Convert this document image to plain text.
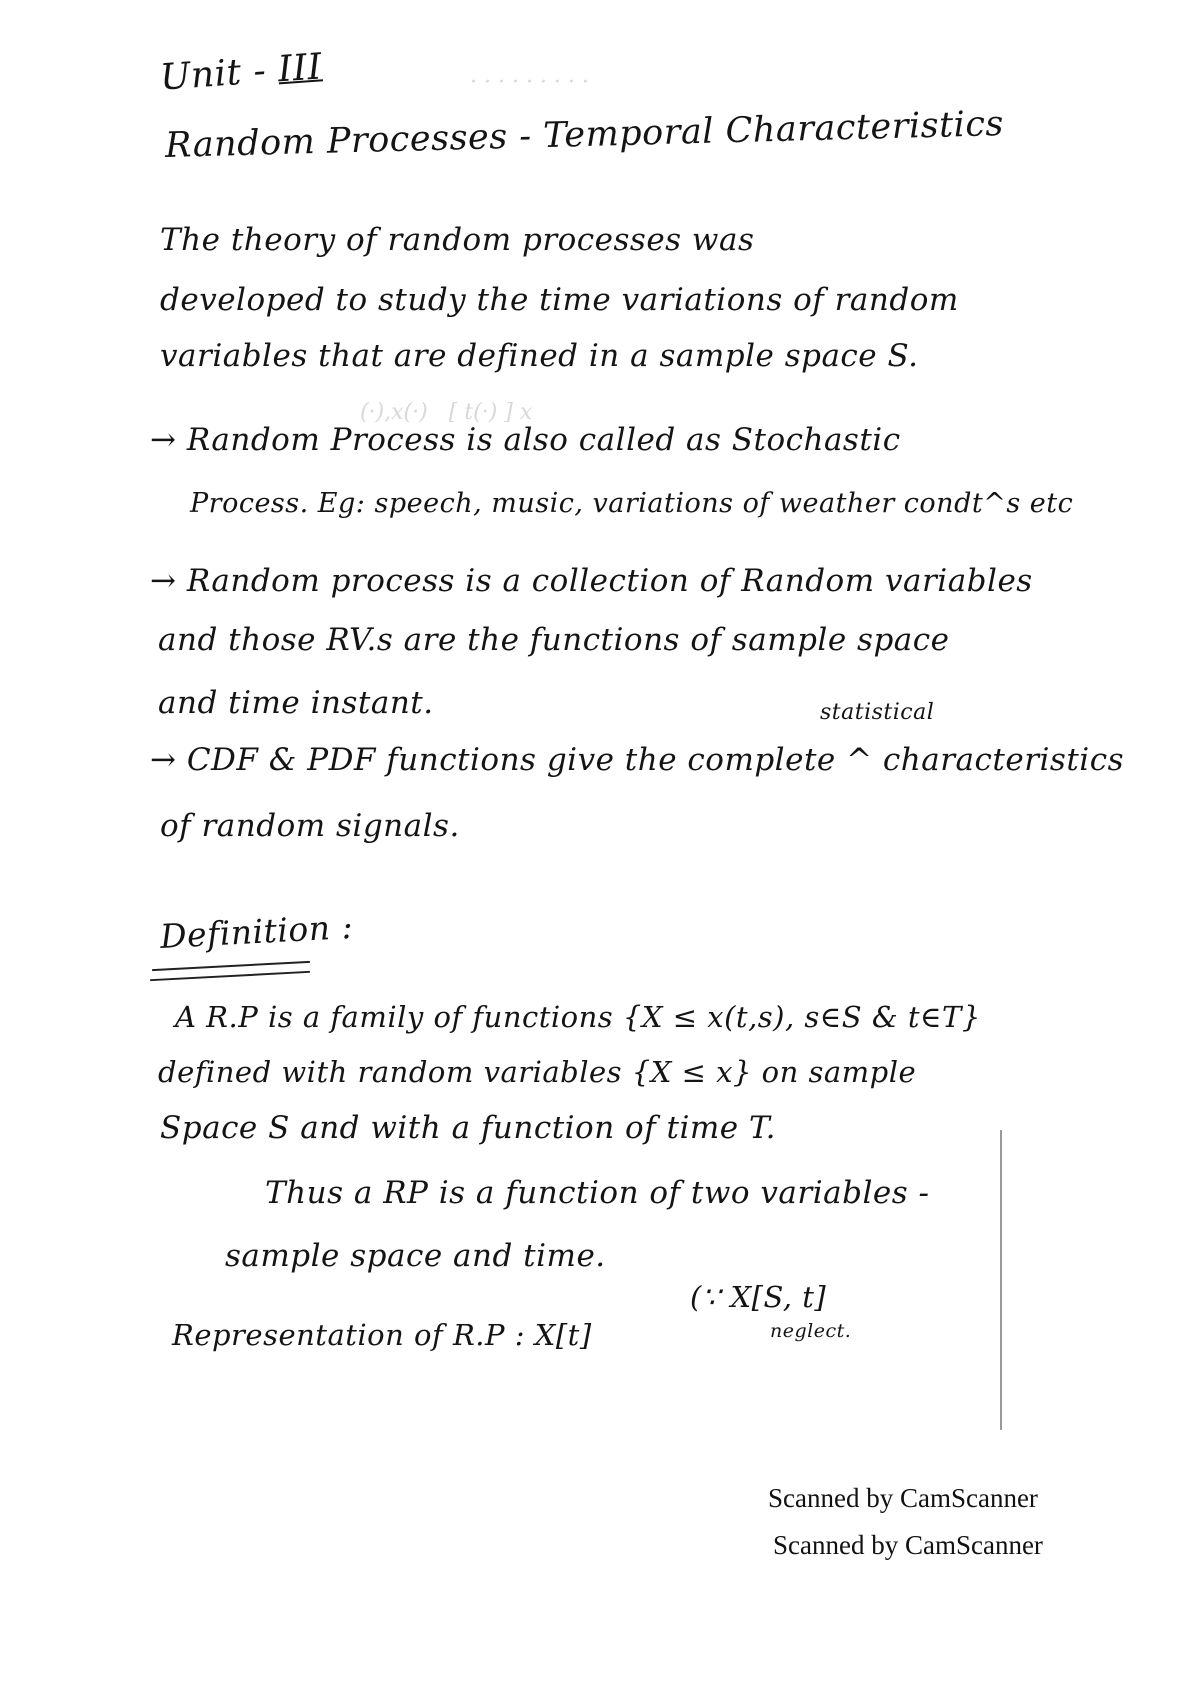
· · · · · · · · ·
(·),x(·)   [ t(·) ] x
Unit - III
Random Processes - Temporal Characteristics
The theory of random processes was
developed to study the time variations of random
variables that are defined in a sample space S.
→ Random Process is also called as Stochastic
Process. Eg: speech, music, variations of weather condt^s etc
→ Random process is a collection of Random variables
and those RV.s are the functions of sample space
and time instant.	statistical
→ CDF & PDF functions give the complete ^ characteristics
of random signals.
Definition :
A R.P is a family of functions {X ≤ x(t,s), s∈S & t∈T}
defined with random variables {X ≤ x} on sample
Space S and with a function of time T.
Thus a RP is a function of two variables -
sample space and time.
Representation of R.P : X[t]
(∵ X[S, t]
neglect.
Scanned by CamScanner
Scanned by CamScanner
